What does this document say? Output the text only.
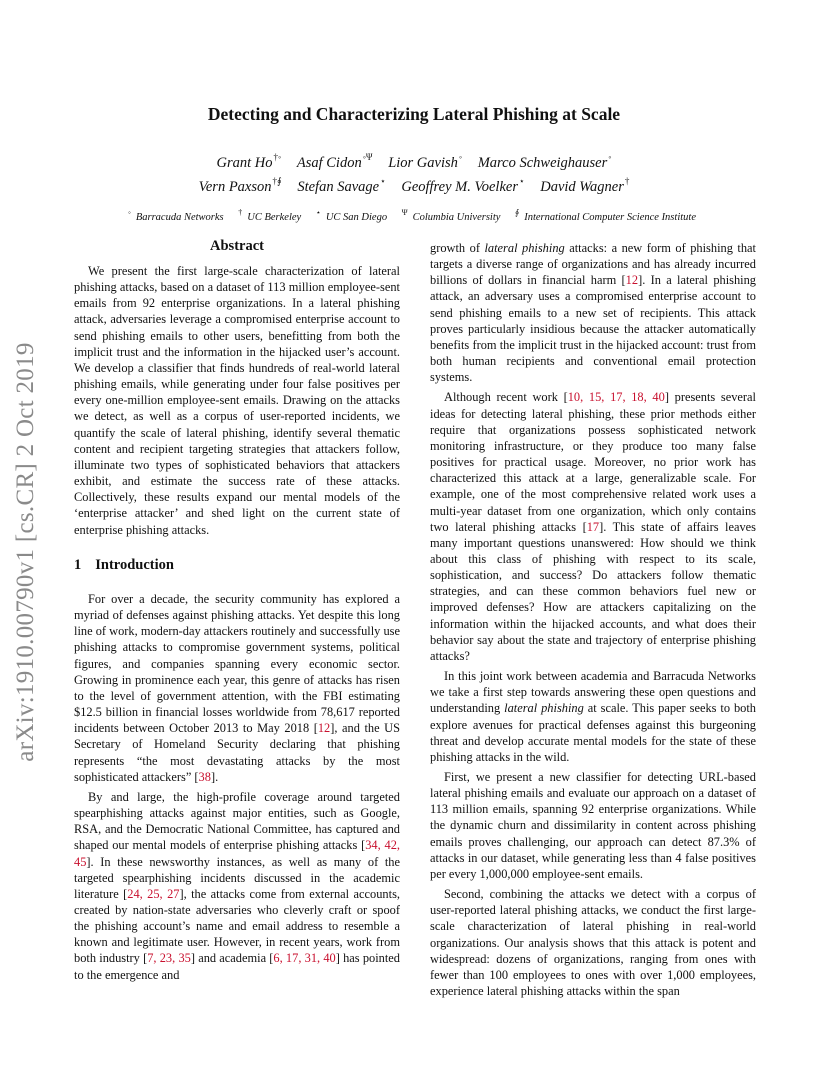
arXiv:1910.00790v1 [cs.CR] 2 Oct 2019
Detecting and Characterizing Lateral Phishing at Scale
Grant Ho†◦ Asaf Cidon$^{◦\Psi}$ Lior Gavish◦ Marco Schweighauser◦
Vern Paxson†∮ Stefan Savage⋆ Geoffrey M. Voelker⋆ David Wagner†
◦ Barracuda Networks † UC Berkeley ⋆ UC San Diego $^\Psi$ Columbia University ∮ International Computer Science Institute
Abstract

We present the first large-scale characterization of lateral phishing attacks, based on a dataset of 113 million employee-sent emails from 92 enterprise organizations. In a lateral phishing attack, adversaries leverage a compromised enterprise account to send phishing emails to other users, benefitting from both the implicit trust and the information in the hijacked user’s account. We develop a classifier that finds hundreds of real-world lateral phishing emails, while generating under four false positives per every one-million employee-sent emails. Drawing on the attacks we detect, as well as a corpus of user-reported incidents, we quantify the scale of lateral phishing, identify several thematic content and recipient targeting strategies that attackers follow, illuminate two types of sophisticated behaviors that attackers exhibit, and estimate the success rate of these attacks. Collectively, these results expand our mental models of the ‘enterprise attacker’ and shed light on the current state of enterprise phishing attacks.

1 Introduction

For over a decade, the security community has explored a myriad of defenses against phishing attacks. Yet despite this long line of work, modern-day attackers routinely and successfully use phishing attacks to compromise government systems, political figures, and companies spanning every economic sector. Growing in prominence each year, this genre of attacks has risen to the level of government attention, with the FBI estimating $12.5 billion in financial losses worldwide from 78,617 reported incidents between October 2013 to May 2018 [12], and the US Secretary of Homeland Security declaring that phishing represents “the most devastating attacks by the most sophisticated attackers” [38].

By and large, the high-profile coverage around targeted spearphishing attacks against major entities, such as Google, RSA, and the Democratic National Committee, has captured and shaped our mental models of enterprise phishing attacks [34, 42, 45]. In these newsworthy instances, as well as many of the targeted spearphishing incidents discussed in the academic literature [24, 25, 27], the attacks come from external accounts, created by nation-state adversaries who cleverly craft or spoof the phishing account’s name and email address to resemble a known and legitimate user. However, in recent years, work from both industry [7, 23, 35] and academia [6, 17, 31, 40] has pointed to the emergence and

growth of lateral phishing attacks: a new form of phishing that targets a diverse range of organizations and has already incurred billions of dollars in financial harm [12]. In a lateral phishing attack, an adversary uses a compromised enterprise account to send phishing emails to a new set of recipients. This attack proves particularly insidious because the attacker automatically benefits from the implicit trust in the hijacked account: trust from both human recipients and conventional email protection systems.

Although recent work [10, 15, 17, 18, 40] presents several ideas for detecting lateral phishing, these prior methods either require that organizations possess sophisticated network monitoring infrastructure, or they produce too many false positives for practical usage. Moreover, no prior work has characterized this attack at a large, generalizable scale. For example, one of the most comprehensive related work uses a multi-year dataset from one organization, which only contains two lateral phishing attacks [17]. This state of affairs leaves many important questions unanswered: How should we think about this class of phishing with respect to its scale, sophistication, and success? Do attackers follow thematic strategies, and can these common behaviors fuel new or improved defenses? How are attackers capitalizing on the information within the hijacked accounts, and what does their behavior say about the state and trajectory of enterprise phishing attacks?

In this joint work between academia and Barracuda Networks we take a first step towards answering these open questions and understanding lateral phishing at scale. This paper seeks to both explore avenues for practical defenses against this burgeoning threat and develop accurate mental models for the state of these phishing attacks in the wild.

First, we present a new classifier for detecting URL-based lateral phishing emails and evaluate our approach on a dataset of 113 million emails, spanning 92 enterprise organizations. While the dynamic churn and dissimilarity in content across phishing emails proves challenging, our approach can detect 87.3% of attacks in our dataset, while generating less than 4 false positives per every 1,000,000 employee-sent emails.

Second, combining the attacks we detect with a corpus of user-reported lateral phishing attacks, we conduct the first large-scale characterization of lateral phishing in real-world organizations. Our analysis shows that this attack is potent and widespread: dozens of organizations, ranging from ones with fewer than 100 employees to ones with over 1,000 employees, experience lateral phishing attacks within the span
